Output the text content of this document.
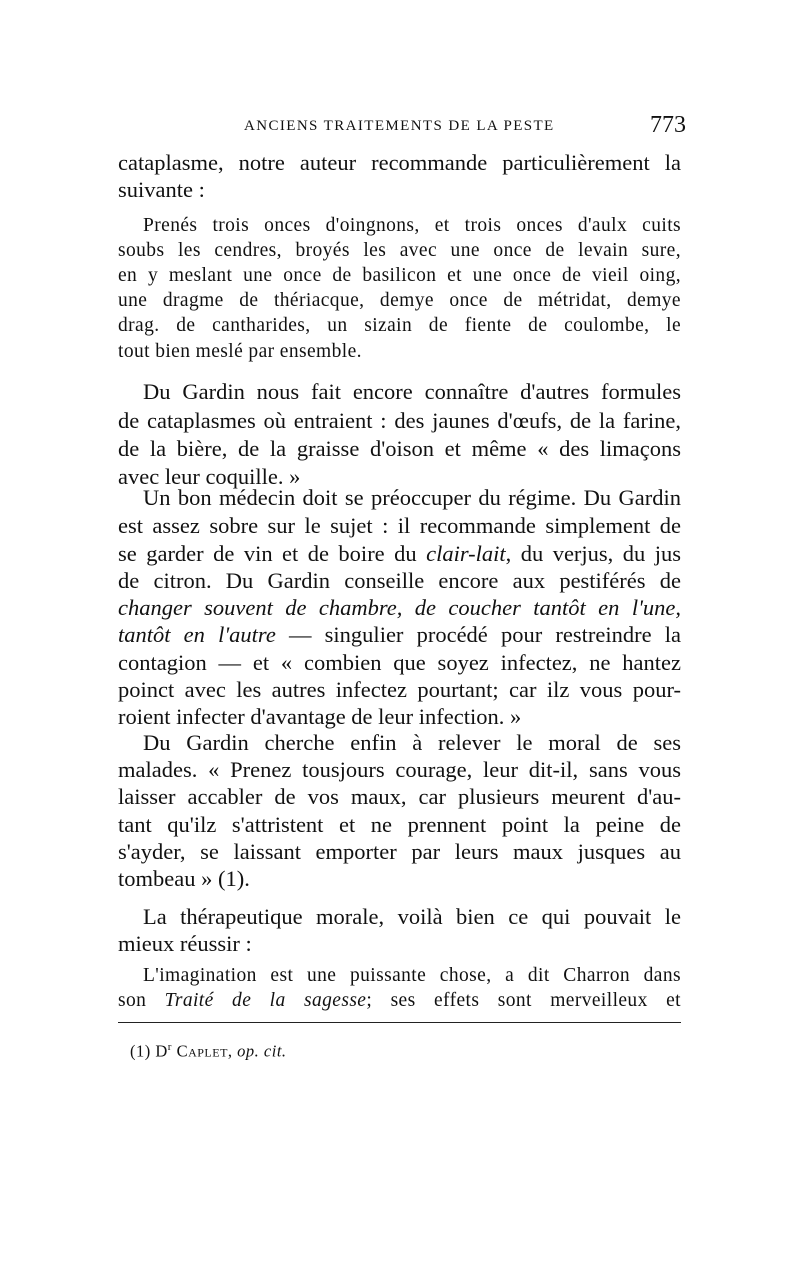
ANCIENS TRAITEMENTS DE LA PESTE	773
cataplasme, notre auteur recommande particulièrement la
suivante :
Prenés trois onces d'oingnons, et trois onces d'aulx cuits
soubs les cendres, broyés les avec une once de levain sure,
en y meslant une once de basilicon et une once de vieil oing,
une dragme de thériacque, demye once de métridat, demye
drag. de cantharides, un sizain de fiente de coulombe, le
tout bien meslé par ensemble.
Du Gardin nous fait encore connaître d'autres formules
de cataplasmes où entraient : des jaunes d'œufs, de la farine,
de la bière, de la graisse d'oison et même « des limaçons
avec leur coquille. »
Un bon médecin doit se préoccuper du régime. Du Gardin
est assez sobre sur le sujet : il recommande simplement de
se garder de vin et de boire du clair-lait, du verjus, du jus
de citron. Du Gardin conseille encore aux pestiférés de
changer souvent de chambre, de coucher tantôt en l'une,
tantôt en l'autre — singulier procédé pour restreindre la
contagion — et « combien que soyez infectez, ne hantez
poinct avec les autres infectez pourtant; car ilz vous pour-
roient infecter d'avantage de leur infection. »
Du Gardin cherche enfin à relever le moral de ses
malades. « Prenez tousjours courage, leur dit-il, sans vous
laisser accabler de vos maux, car plusieurs meurent d'au-
tant qu'ilz s'attristent et ne prennent point la peine de
s'ayder, se laissant emporter par leurs maux jusques au
tombeau » (1).
La thérapeutique morale, voilà bien ce qui pouvait le
mieux réussir :
L'imagination est une puissante chose, a dit Charron dans
son Traité de la sagesse; ses effets sont merveilleux et
(1) $D^r$ Caplet, op. cit.
